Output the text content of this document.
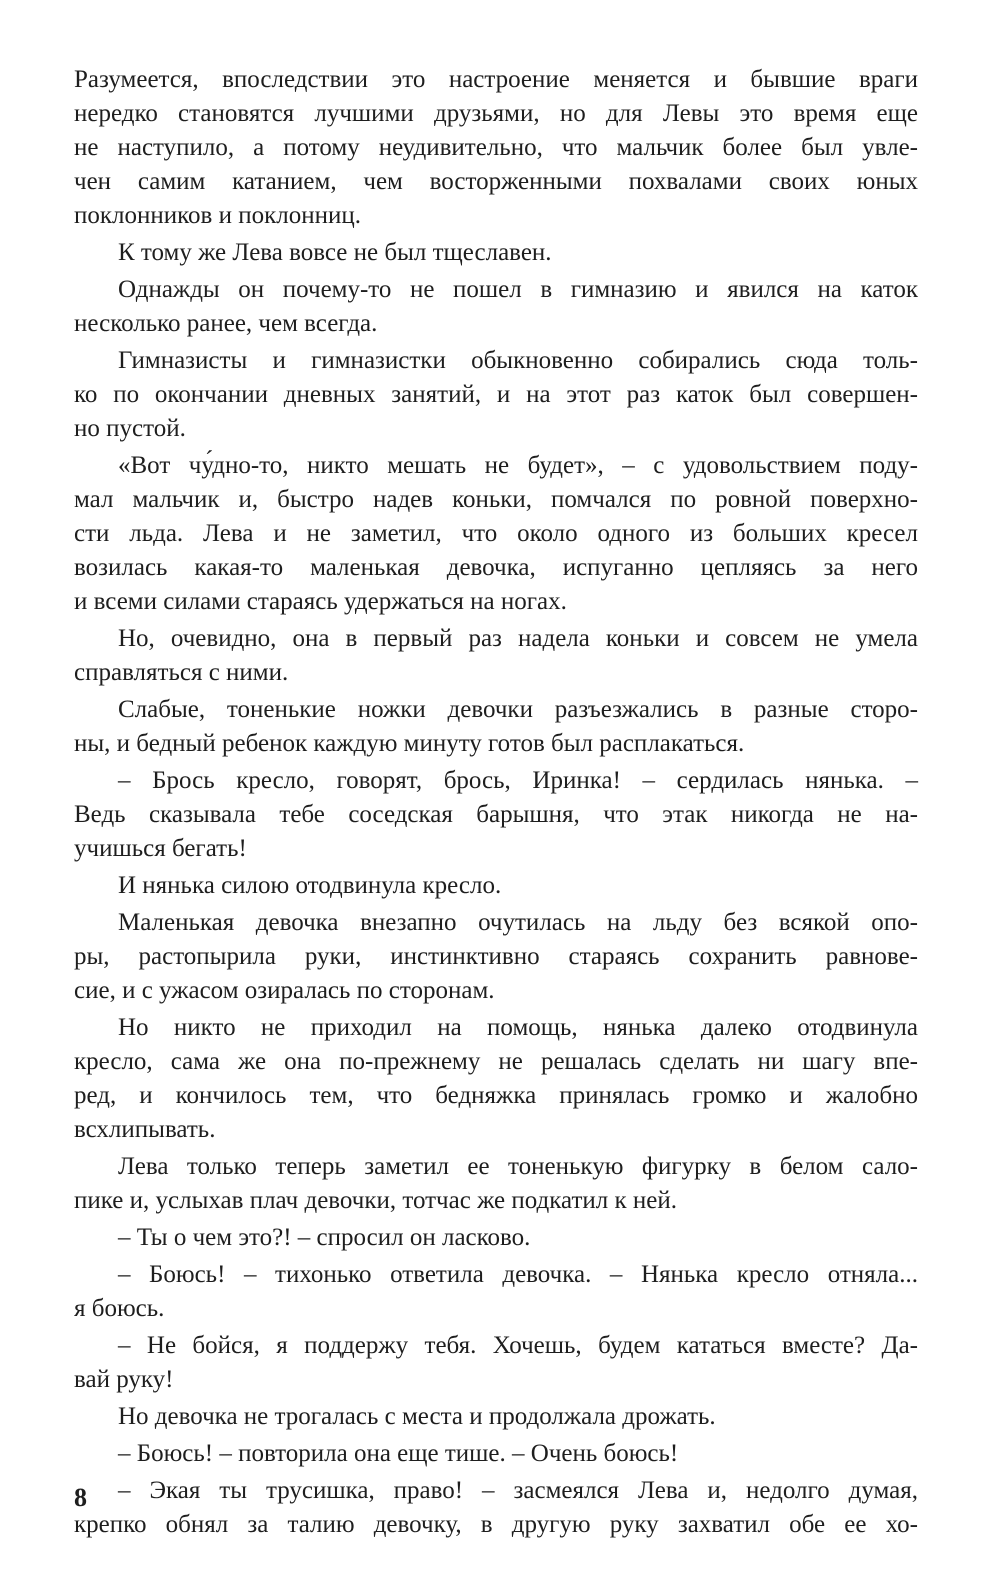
Разумеется, впоследствии это настроение меняется и бывшие враги
нередко становятся лучшими друзьями, но для Левы это время еще
не наступило, а потому неудивительно, что мальчик более был увле-
чен самим катанием, чем восторженными похвалами своих юных
поклонников и поклонниц.
К тому же Лева вовсе не был тщеславен.
Однажды он почему-то не пошел в гимназию и явился на каток
несколько ранее, чем всегда.
Гимназисты и гимназистки обыкновенно собирались сюда толь-
ко по окончании дневных занятий, и на этот раз каток был совершен-
но пустой.
«Вот чу́дно-то, никто мешать не будет», – с удовольствием поду-
мал мальчик и, быстро надев коньки, помчался по ровной поверхно-
сти льда. Лева и не заметил, что около одного из больших кресел
возилась какая-то маленькая девочка, испуганно цепляясь за него
и всеми силами стараясь удержаться на ногах.
Но, очевидно, она в первый раз надела коньки и совсем не умела
справляться с ними.
Слабые, тоненькие ножки девочки разъезжались в разные сторо-
ны, и бедный ребенок каждую минуту готов был расплакаться.
– Брось кресло, говорят, брось, Иринка! – сердилась нянька. –
Ведь сказывала тебе соседская барышня, что этак никогда не на-
учишься бегать!
И нянька силою отодвинула кресло.
Маленькая девочка внезапно очутилась на льду без всякой опо-
ры, растопырила руки, инстинктивно стараясь сохранить равнове-
сие, и с ужасом озиралась по сторонам.
Но никто не приходил на помощь, нянька далеко отодвинула
кресло, сама же она по-прежнему не решалась сделать ни шагу впе-
ред, и кончилось тем, что бедняжка принялась громко и жалобно
всхлипывать.
Лева только теперь заметил ее тоненькую фигурку в белом сало-
пике и, услыхав плач девочки, тотчас же подкатил к ней.
– Ты о чем это?! – спросил он ласково.
– Боюсь! – тихонько ответила девочка. – Нянька кресло отняла...
я боюсь.
– Не бойся, я поддержу тебя. Хочешь, будем кататься вместе? Да-
вай руку!
Но девочка не трогалась с места и продолжала дрожать.
– Боюсь! – повторила она еще тише. – Очень боюсь!
– Экая ты трусишка, право! – засмеялся Лева и, недолго думая,
крепко обнял за талию девочку, в другую руку захватил обе ее хо-
8
